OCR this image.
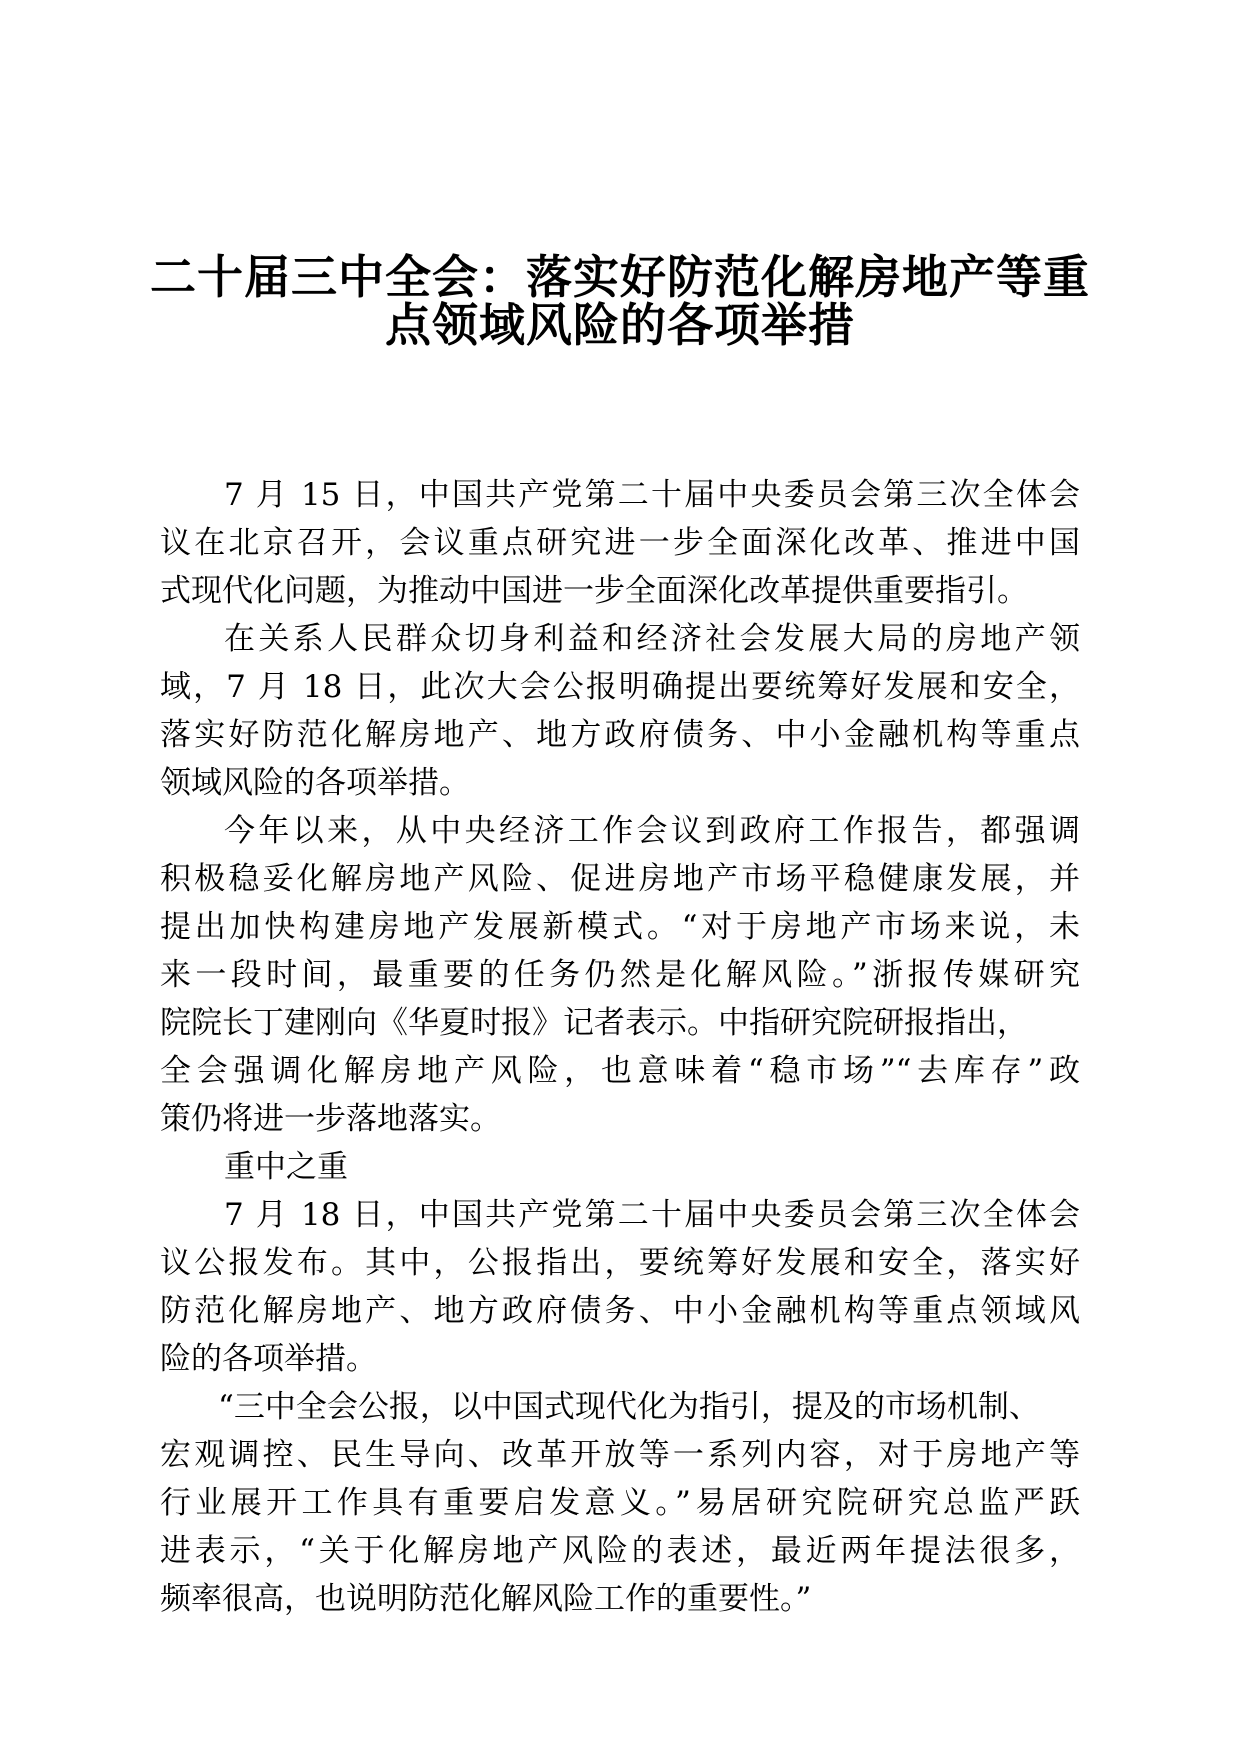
二十届三中全会：落实好防范化解房地产等重
点领域风险的各项举措
7 月 15 日，中国共产党第二十届中央委员会第三次全体会
议在北京召开，会议重点研究进一步全面深化改革、推进中国
式现代化问题，为推动中国进一步全面深化改革提供重要指引。
在关系人民群众切身利益和经济社会发展大局的房地产领
域，7 月 18 日，此次大会公报明确提出要统筹好发展和安全，
落实好防范化解房地产、地方政府债务、中小金融机构等重点
领域风险的各项举措。
今年以来，从中央经济工作会议到政府工作报告，都强调
积极稳妥化解房地产风险、促进房地产市场平稳健康发展，并
提出加快构建房地产发展新模式。“对于房地产市场来说，未
来一段时间，最重要的任务仍然是化解风险。”浙报传媒研究
院院长丁建刚向《华夏时报》记者表示。中指研究院研报指出，
全会强调化解房地产风险，也意味着“稳市场”“去库存”政
策仍将进一步落地落实。
重中之重
7 月 18 日，中国共产党第二十届中央委员会第三次全体会
议公报发布。其中，公报指出，要统筹好发展和安全，落实好
防范化解房地产、地方政府债务、中小金融机构等重点领域风
险的各项举措。
“三中全会公报，以中国式现代化为指引，提及的市场机制、
宏观调控、民生导向、改革开放等一系列内容，对于房地产等
行业展开工作具有重要启发意义。”易居研究院研究总监严跃
进表示，“关于化解房地产风险的表述，最近两年提法很多，
频率很高，也说明防范化解风险工作的重要性。”
